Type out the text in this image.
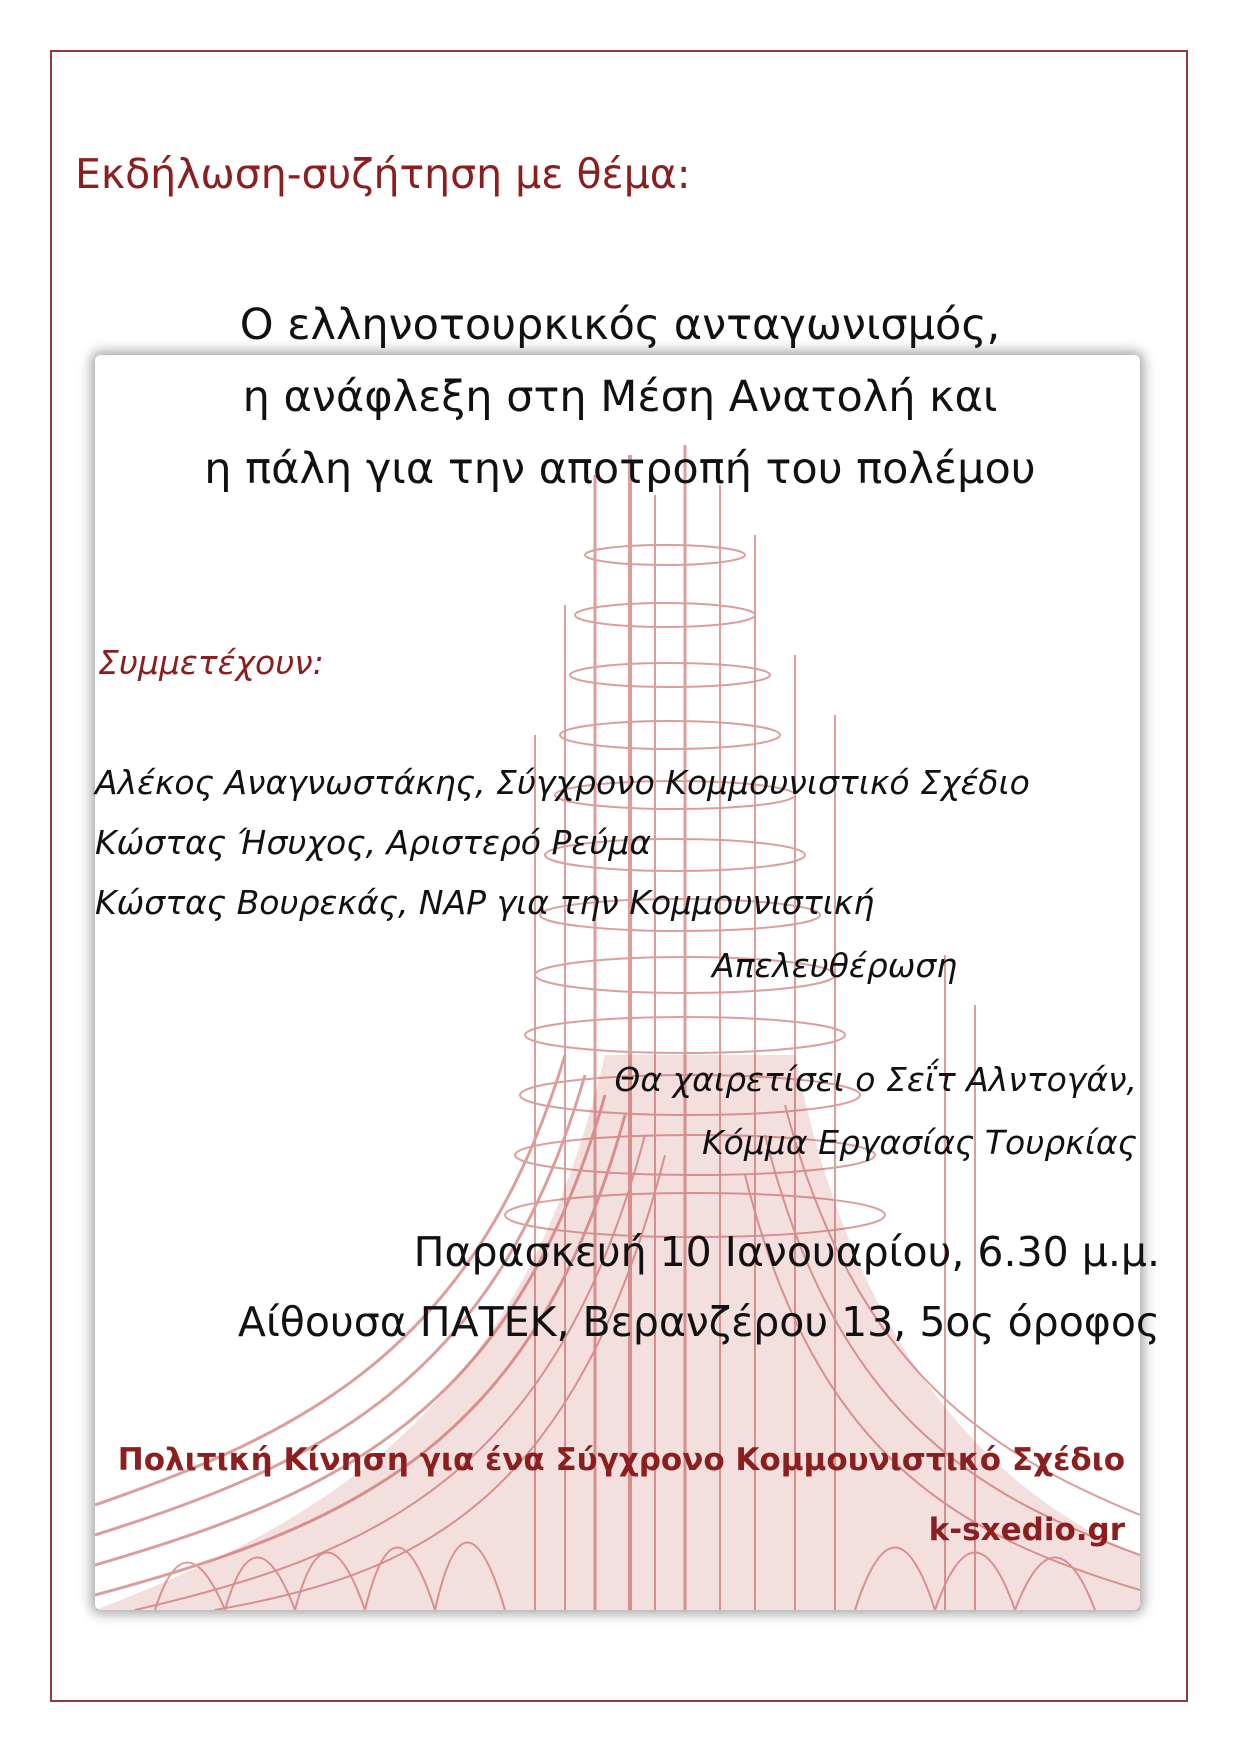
Εκδήλωση-συζήτηση με θέμα:
Ο ελληνοτουρκικός ανταγωνισμός,
η ανάφλεξη στη Μέση Ανατολή και
η πάλη για την αποτροπή του πολέμου
Συμμετέχουν:
Αλέκος Αναγνωστάκης, Σύγχρονο Κομμουνιστικό Σχέδιο
Κώστας Ήσυχος, Αριστερό Ρεύμα
Κώστας Βουρεκάς, ΝΑΡ για την Κομμουνιστική
Απελευθέρωση
Θα χαιρετίσει ο Σεΐτ Αλντογάν,
Κόμμα Εργασίας Τουρκίας
Παρασκευή 10 Ιανουαρίου, 6.30 μ.μ.
Αίθουσα ΠΑΤΕΚ, Βερανζέρου 13, 5ος όροφος
Πολιτική Κίνηση για ένα Σύγχρονο Κομμουνιστικό Σχέδιο
k-sxedio.gr
